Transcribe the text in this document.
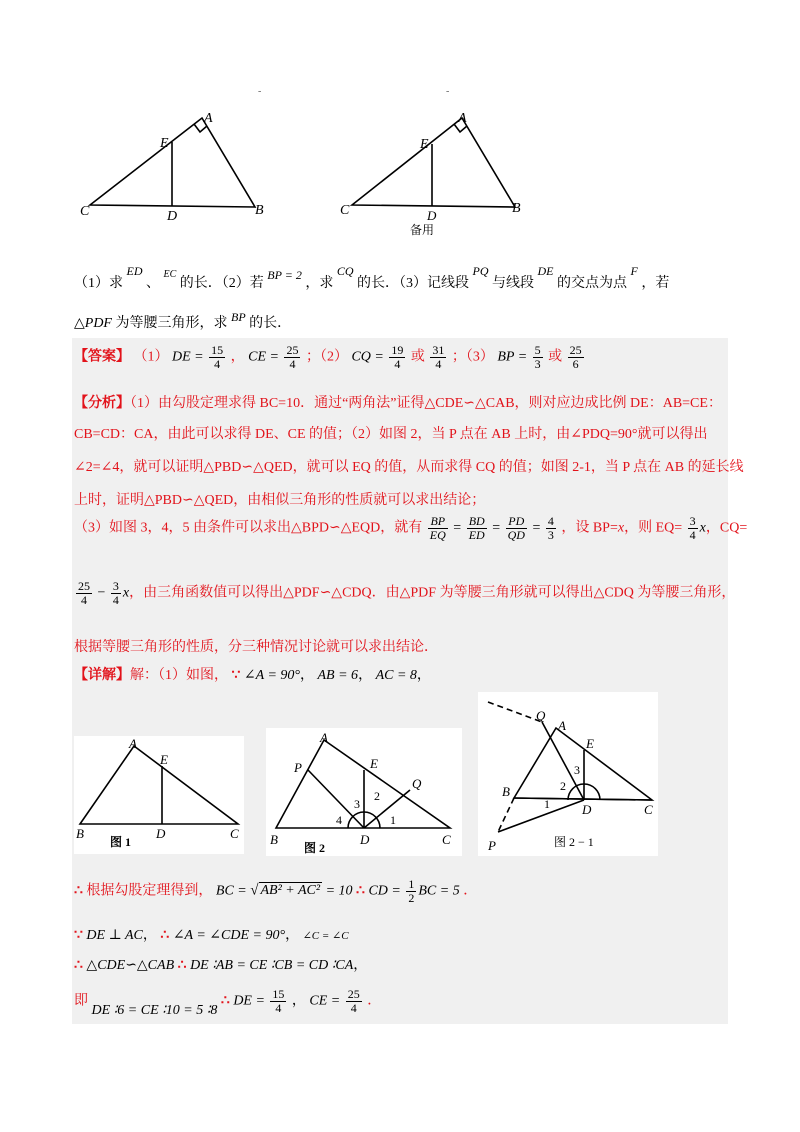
-	-
C
A
E
D	B	C
A
E
D	B
备用
（1）求 ED 、 $^{EC}$ 的长．（2）若 BP = 2 ，求 CQ 的长．（3）记线段 PQ 与线段 DE 的交点为点 F ，若
△PDF 为等腰三角形，求 BP 的长．
【答案】 （1） DE = $\frac{15}{4}$ ， CE = $\frac{25}{4}$ ；（2） CQ = $\frac{19}{4}$ 或 $\frac{31}{4}$ ；（3） BP = $\frac{5}{3}$ 或 $\frac{25}{6}$
【分析】（1）由勾股定理求得 BC=10．通过“两角法”证得△CDE∽△CAB，则对应边成比例 DE：AB=CE：
CB=CD：CA，由此可以求得 DE、CE 的值；（2）如图 2，当 P 点在 AB 上时，由∠PDQ=90°就可以得出
∠2=∠4，就可以证明△PBD∽△QED，就可以 EQ 的值，从而求得 CQ 的值；如图 2-1，当 P 点在 AB 的延长线
上时，证明△PBD∽△QED，由相似三角形的性质就可以求出结论；
（3）如图 3，4，5 由条件可以求出△BPD∽△EQD，就有 $\frac{BP}{EQ} = \frac{BD}{ED} = \frac{PD}{QD} = \frac{4}{3}$ ，设 BP=x，则 $EQ= \frac{3}{4}$ x，CQ=
$\frac{25}{4} - \frac{3}{4}$ x，由三角函数值可以得出△PDF∽△CDQ．由△PDF 为等腰三角形就可以得出△CDQ 为等腰三角形，
根据等腰三角形的性质，分三种情况讨论就可以求出结论．
【详解】解：（1）如图， ∵ ∠A = 90°， AB = 6， AC = 8，
A
E
B	D	C
图 1
A
P	E
Q
B	D	C
3
2
4	1
图 2
Q
A
E
B
D	C
P
3
2
1
图 2 − 1
∴ 根据勾股定理得到， BC = √ AB² + AC² = 10 ∴ CD = $\frac{1}{2}$ BC = 5 ．
∵ DE ⊥ AC， ∴ ∠A = ∠CDE = 90°， ∠C = ∠C
∴ △CDE∽△CAB ∴ DE ∶AB = CE ∶CB = CD ∶CA，
即 DE ∶6 = CE ∶10 = 5 ∶8 ∴ DE = $\frac{15}{4}$ ， CE = $\frac{25}{4}$ ．
